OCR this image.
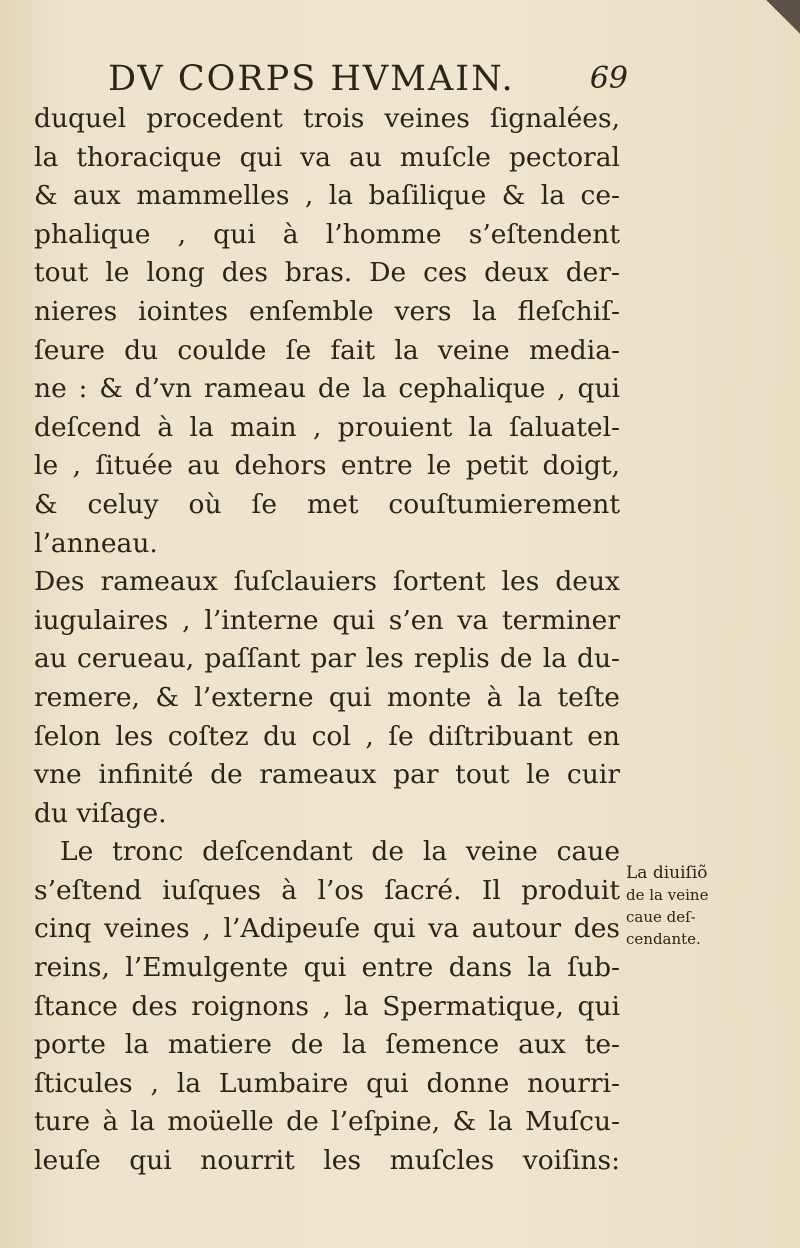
DV CORPS HVMAIN.	69
duquel procedent trois veines ſignalées,
la thoracique qui va au muſcle pectoral
& aux mammelles , la baſilique & la ce-
phalique , qui à l’homme s’eſtendent
tout le long des bras. De ces deux der-
nieres iointes enſemble vers la fleſchiſ-
ſeure du coulde ſe fait la veine media-
ne : & d’vn rameau de la cephalique , qui
deſcend à la main , prouient la ſaluatel-
le , ſituée au dehors entre le petit doigt,
& celuy où ſe met couſtumierement
l’anneau.
Des rameaux ſuſclauiers ſortent les deux
iugulaires , l’interne qui s’en va terminer
au cerueau, paſſant par les replis de la du-
remere, & l’externe qui monte à la teſte
ſelon les coſtez du col , ſe diſtribuant en
vne infinité de rameaux par tout le cuir
du viſage.
Le tronc deſcendant de la veine caue
s’eſtend iuſques à l’os ſacré. Il produit
cinq veines , l’Adipeuſe qui va autour des
reins, l’Emulgente qui entre dans la ſub-
ſtance des roignons , la Spermatique, qui
porte la matiere de la ſemence aux te-
ſticules , la Lumbaire qui donne nourri-
ture à la moüelle de l’eſpine, & la Muſcu-
leuſe qui nourrit les muſcles voiſins:
La diuiſiõ
de la veine
caue deſ-
cendante.
